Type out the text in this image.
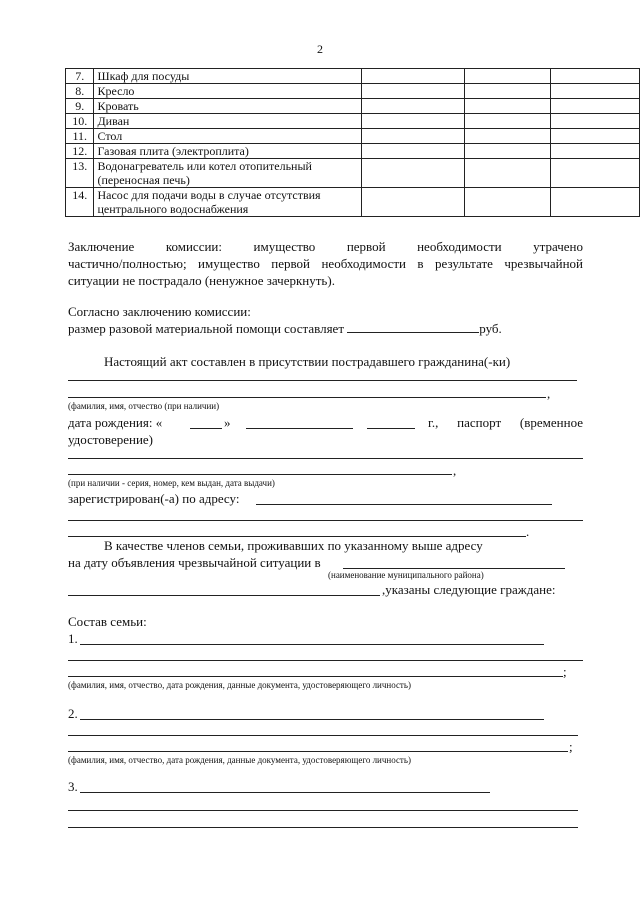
2
7.	Шкаф для посуды			
8.	Кресло			
9.	Кровать			
10.	Диван			
11.	Стол			
12.	Газовая плита (электроплита)			
13.	Водонагреватель или котел отопительный
(переносная печь)			

14.	Насос для подачи воды в случае отсутствия
центрального водоснабжения			

Заключение комиссии: имущество первой необходимости утрачено
частично/полностью; имущество первой необходимости в результате чрезвычайной
ситуации не пострадало (ненужное зачеркнуть).
Согласно заключению комиссии:
размер разовой материальной помощи составляет	руб.
Настоящий акт составлен в присутствии пострадавшего гражданина(-ки)
,
(фамилия, имя, отчество (при наличии)
дата рождения: «	»	г., паспорт (временное
удостоверение)
,
(при наличии - серия, номер, кем выдан, дата выдачи)
зарегистрирован(-а) по адресу:
.
В качестве членов семьи, проживавших по указанному выше адресу
на дату объявления чрезвычайной ситуации в
(наименование муниципального района)
,указаны следующие граждане:
Состав семьи:
1.
;
(фамилия, имя, отчество, дата рождения, данные документа, удостоверяющего личность)
2.
;
(фамилия, имя, отчество, дата рождения, данные документа, удостоверяющего личность)
3.
